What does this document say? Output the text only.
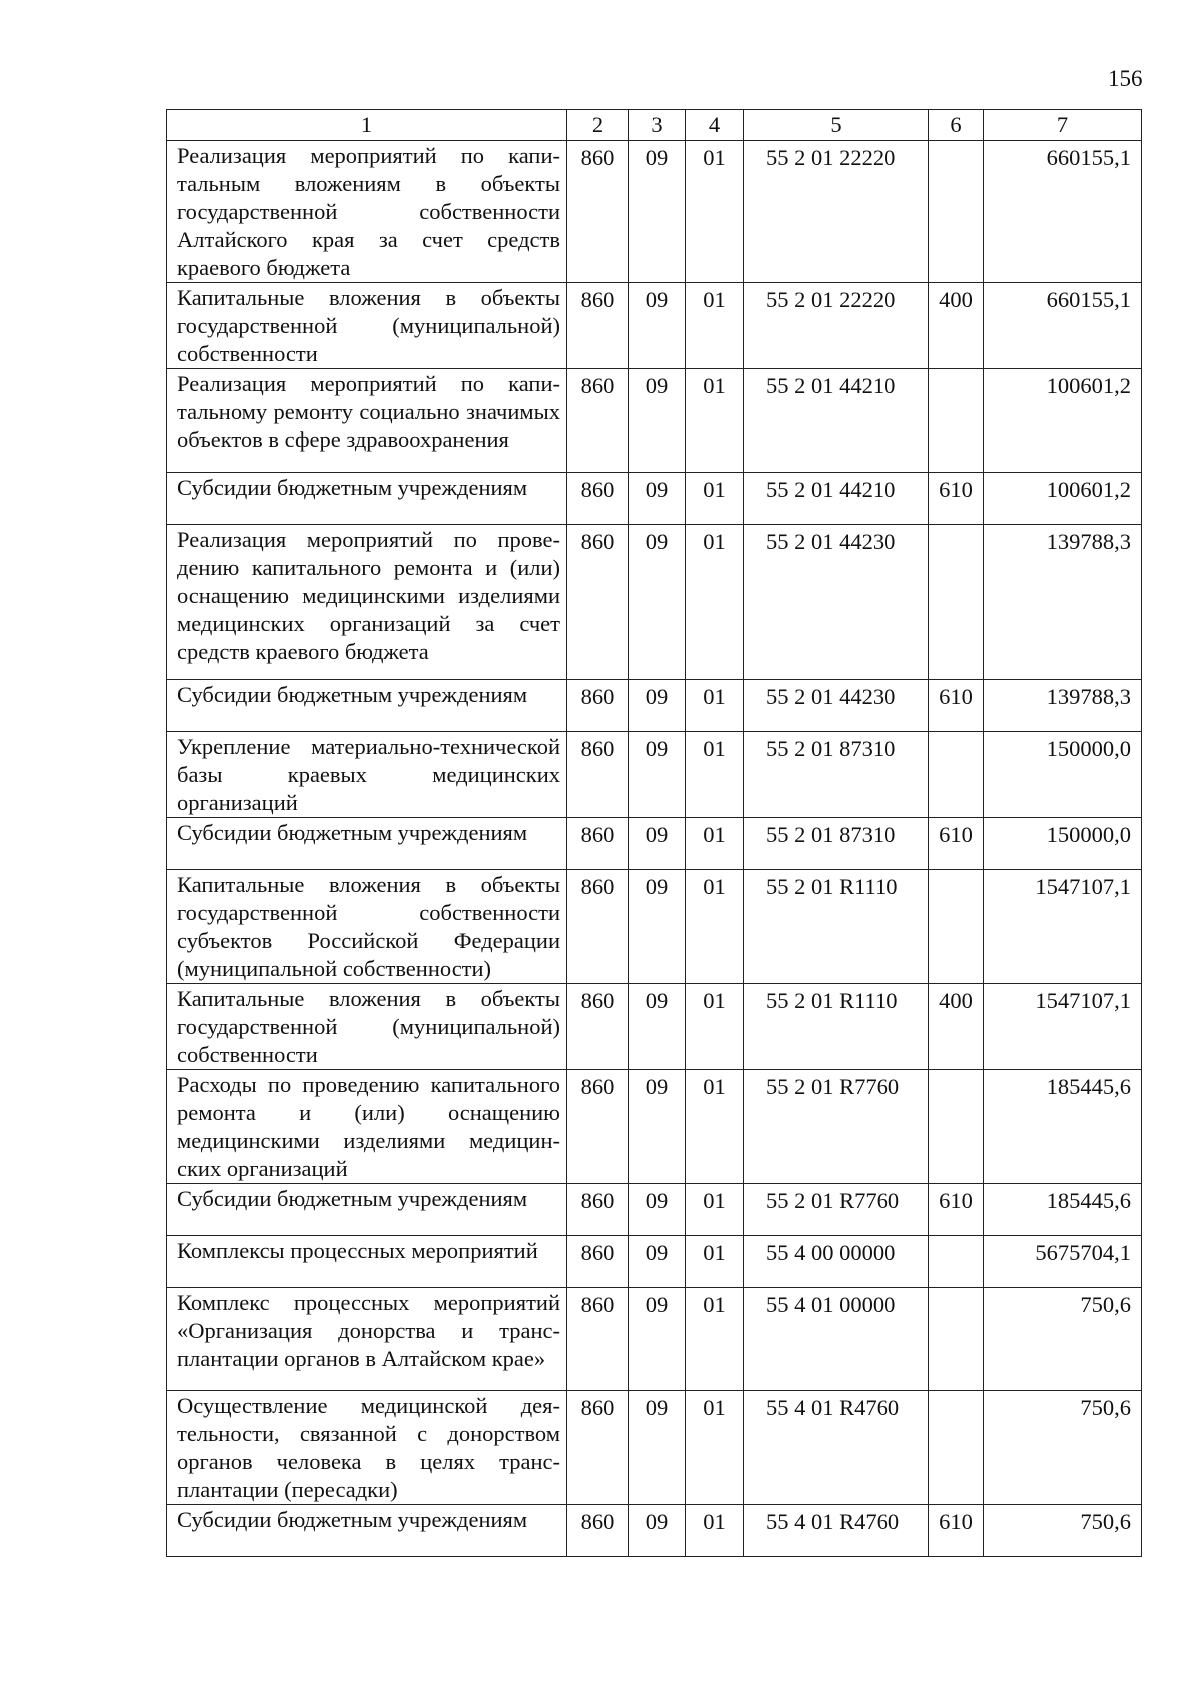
156
1	2	3	4	5	6	7
Реализация мероприятий по капитальным вложениям в объекты государственной собственности Алтайского края за счет средств краевого бюджета	860	09	01	55 2 01 22220		660155,1
Капитальные вложения в объекты государственной (муниципальной) собственности	860	09	01	55 2 01 22220	400	660155,1
Реализация мероприятий по капитальному ремонту социально значимых объектов в сфере здравоохранения	860	09	01	55 2 01 44210		100601,2
Субсидии бюджетным учреждениям	860	09	01	55 2 01 44210	610	100601,2
Реализация мероприятий по проведению капитального ремонта и (или) оснащению медицинскими изделиями медицинских организаций за счет средств краевого бюджета	860	09	01	55 2 01 44230		139788,3
Субсидии бюджетным учреждениям	860	09	01	55 2 01 44230	610	139788,3
Укрепление материально-технической базы краевых медицинских организаций	860	09	01	55 2 01 87310		150000,0
Субсидии бюджетным учреждениям	860	09	01	55 2 01 87310	610	150000,0
Капитальные вложения в объекты государственной собственности субъектов Российской Федерации (муниципальной собственности)	860	09	01	55 2 01 R1110		1547107,1
Капитальные вложения в объекты государственной (муниципальной) собственности	860	09	01	55 2 01 R1110	400	1547107,1
Расходы по проведению капитального ремонта и (или) оснащению медицинскими изделиями медицинских организаций	860	09	01	55 2 01 R7760		185445,6
Субсидии бюджетным учреждениям	860	09	01	55 2 01 R7760	610	185445,6
Комплексы процессных мероприятий	860	09	01	55 4 00 00000		5675704,1
Комплекс процессных мероприятий «Организация донорства и трансплантации органов в Алтайском крае»	860	09	01	55 4 01 00000		750,6
Осуществление медицинской деятельности, связанной с донорством органов человека в целях трансплантации (пересадки)	860	09	01	55 4 01 R4760		750,6
Субсидии бюджетным учреждениям	860	09	01	55 4 01 R4760	610	750,6
